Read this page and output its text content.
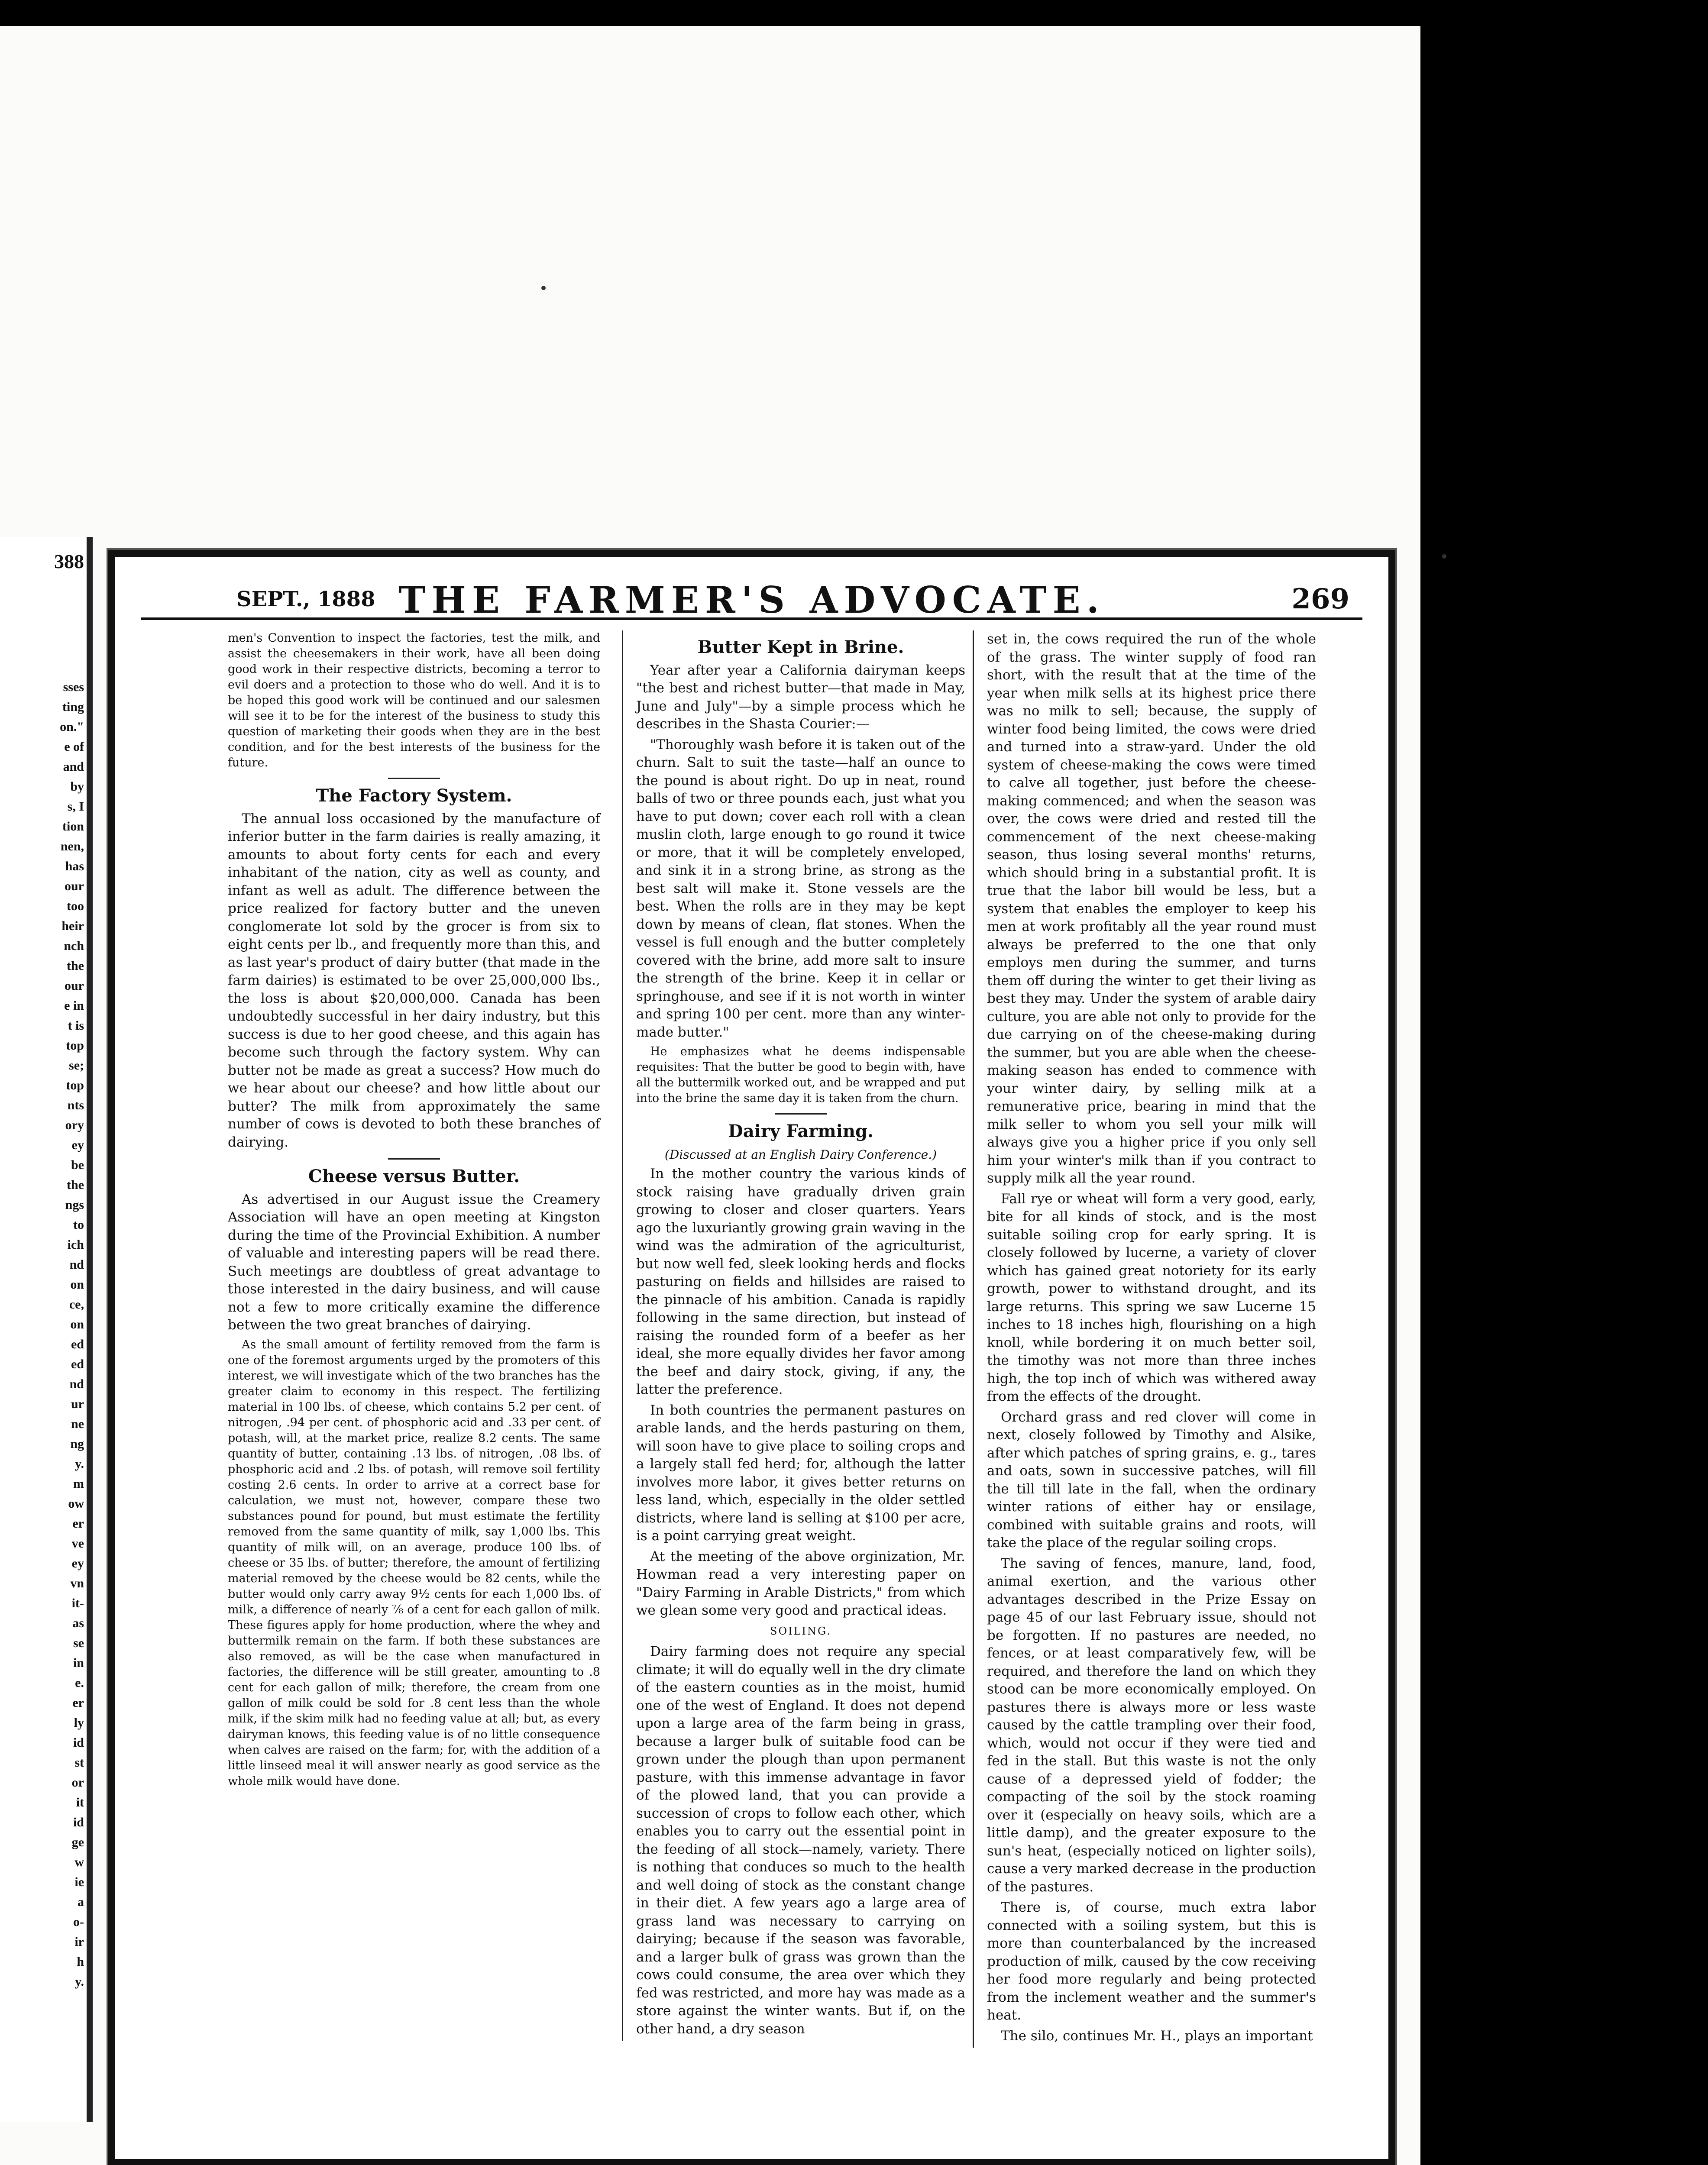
388
sses
ting
on."
e of
and
by
s, I
tion
nen,
has
our
too
heir
nch
the
our
e in
t is
top
se;
top
nts
ory
ey
be
the
ngs
to
ich
nd
on
ce,
on
ed
ed
nd
ur
ne
ng
y.
m
ow
er
ve
ey
vn
it-
as
se
in
e.
er
ly
id
st
or
it
id
ge
w
ie
a
o-
ir
h
y.
SEPT., 1888 THE FARMER'S ADVOCATE.	269

men's Convention to inspect the factories, test the milk, and assist the cheesemakers in their work, have all been doing good work in their respective districts, becoming a terror to evil doers and a protection to those who do well. And it is to be hoped this good work will be continued and our salesmen will see it to be for the interest of the business to study this question of marketing their goods when they are in the best condition, and for the best interests of the business for the future.

The Factory System.

The annual loss occasioned by the manufacture of inferior butter in the farm dairies is really amazing, it amounts to about forty cents for each and every inhabitant of the nation, city as well as county, and infant as well as adult. The difference between the price realized for factory butter and the uneven conglomerate lot sold by the grocer is from six to eight cents per lb., and frequently more than this, and as last year's product of dairy butter (that made in the farm dairies) is estimated to be over 25,000,000 lbs., the loss is about $20,000,000. Canada has been undoubtedly successful in her dairy industry, but this success is due to her good cheese, and this again has become such through the factory system. Why can butter not be made as great a success? How much do we hear about our cheese? and how little about our butter? The milk from approximately the same number of cows is devoted to both these branches of dairying.

Cheese versus Butter.

As advertised in our August issue the Creamery Association will have an open meeting at Kingston during the time of the Provincial Exhibition. A number of valuable and interesting papers will be read there. Such meetings are doubtless of great advantage to those interested in the dairy business, and will cause not a few to more critically examine the difference between the two great branches of dairying.

As the small amount of fertility removed from the farm is one of the foremost arguments urged by the promoters of this interest, we will investigate which of the two branches has the greater claim to economy in this respect. The fertilizing material in 100 lbs. of cheese, which contains 5.2 per cent. of nitrogen, .94 per cent. of phosphoric acid and .33 per cent. of potash, will, at the market price, realize 8.2 cents. The same quantity of butter, containing .13 lbs. of nitrogen, .08 lbs. of phosphoric acid and .2 lbs. of potash, will remove soil fertility costing 2.6 cents. In order to arrive at a correct base for calculation, we must not, however, compare these two substances pound for pound, but must estimate the fertility removed from the same quantity of milk, say 1,000 lbs. This quantity of milk will, on an average, produce 100 lbs. of cheese or 35 lbs. of butter; therefore, the amount of fertilizing material removed by the cheese would be 82 cents, while the butter would only carry away 9½ cents for each 1,000 lbs. of milk, a difference of nearly ⅞ of a cent for each gallon of milk. These figures apply for home production, where the whey and buttermilk remain on the farm. If both these substances are also removed, as will be the case when manufactured in factories, the difference will be still greater, amounting to .8 cent for each gallon of milk; therefore, the cream from one gallon of milk could be sold for .8 cent less than the whole milk, if the skim milk had no feeding value at all; but, as every dairyman knows, this feeding value is of no little consequence when calves are raised on the farm; for, with the addition of a little linseed meal it will answer nearly as good service as the whole milk would have done.

Butter Kept in Brine.

Year after year a California dairyman keeps "the best and richest butter—that made in May, June and July"—by a simple process which he describes in the Shasta Courier:—

"Thoroughly wash before it is taken out of the churn. Salt to suit the taste—half an ounce to the pound is about right. Do up in neat, round balls of two or three pounds each, just what you have to put down; cover each roll with a clean muslin cloth, large enough to go round it twice or more, that it will be completely enveloped, and sink it in a strong brine, as strong as the best salt will make it. Stone vessels are the best. When the rolls are in they may be kept down by means of clean, flat stones. When the vessel is full enough and the butter completely covered with the brine, add more salt to insure the strength of the brine. Keep it in cellar or springhouse, and see if it is not worth in winter and spring 100 per cent. more than any winter-made butter."

He emphasizes what he deems indispensable requisites: That the butter be good to begin with, have all the buttermilk worked out, and be wrapped and put into the brine the same day it is taken from the churn.

Dairy Farming.

(Discussed at an English Dairy Conference.)

In the mother country the various kinds of stock raising have gradually driven grain growing to closer and closer quarters. Years ago the luxuriantly growing grain waving in the wind was the admiration of the agriculturist, but now well fed, sleek looking herds and flocks pasturing on fields and hillsides are raised to the pinnacle of his ambition. Canada is rapidly following in the same direction, but instead of raising the rounded form of a beefer as her ideal, she more equally divides her favor among the beef and dairy stock, giving, if any, the latter the preference.

In both countries the permanent pastures on arable lands, and the herds pasturing on them, will soon have to give place to soiling crops and a largely stall fed herd; for, although the latter involves more labor, it gives better returns on less land, which, especially in the older settled districts, where land is selling at $100 per acre, is a point carrying great weight.

At the meeting of the above orginization, Mr. Howman read a very interesting paper on "Dairy Farming in Arable Districts," from which we glean some very good and practical ideas.

SOILING.

Dairy farming does not require any special climate; it will do equally well in the dry climate of the eastern counties as in the moist, humid one of the west of England. It does not depend upon a large area of the farm being in grass, because a larger bulk of suitable food can be grown under the plough than upon permanent pasture, with this immense advantage in favor of the plowed land, that you can provide a succession of crops to follow each other, which enables you to carry out the essential point in the feeding of all stock—namely, variety. There is nothing that conduces so much to the health and well doing of stock as the constant change in their diet. A few years ago a large area of grass land was necessary to carrying on dairying; because if the season was favorable, and a larger bulk of grass was grown than the cows could consume, the area over which they fed was restricted, and more hay was made as a store against the winter wants. But if, on the other hand, a dry season

set in, the cows required the run of the whole of the grass. The winter supply of food ran short, with the result that at the time of the year when milk sells at its highest price there was no milk to sell; because, the supply of winter food being limited, the cows were dried and turned into a straw-yard. Under the old system of cheese-making the cows were timed to calve all together, just before the cheese-making commenced; and when the season was over, the cows were dried and rested till the commencement of the next cheese-making season, thus losing several months' returns, which should bring in a substantial profit. It is true that the labor bill would be less, but a system that enables the employer to keep his men at work profitably all the year round must always be preferred to the one that only employs men during the summer, and turns them off during the winter to get their living as best they may. Under the system of arable dairy culture, you are able not only to provide for the due carrying on of the cheese-making during the summer, but you are able when the cheese-making season has ended to commence with your winter dairy, by selling milk at a remunerative price, bearing in mind that the milk seller to whom you sell your milk will always give you a higher price if you only sell him your winter's milk than if you contract to supply milk all the year round.

Fall rye or wheat will form a very good, early, bite for all kinds of stock, and is the most suitable soiling crop for early spring. It is closely followed by lucerne, a variety of clover which has gained great notoriety for its early growth, power to withstand drought, and its large returns. This spring we saw Lucerne 15 inches to 18 inches high, flourishing on a high knoll, while bordering it on much better soil, the timothy was not more than three inches high, the top inch of which was withered away from the effects of the drought.

Orchard grass and red clover will come in next, closely followed by Timothy and Alsike, after which patches of spring grains, e. g., tares and oats, sown in successive patches, will fill the till till late in the fall, when the ordinary winter rations of either hay or ensilage, combined with suitable grains and roots, will take the place of the regular soiling crops.

The saving of fences, manure, land, food, animal exertion, and the various other advantages described in the Prize Essay on page 45 of our last February issue, should not be forgotten. If no pastures are needed, no fences, or at least comparatively few, will be required, and therefore the land on which they stood can be more economically employed. On pastures there is always more or less waste caused by the cattle trampling over their food, which, would not occur if they were tied and fed in the stall. But this waste is not the only cause of a depressed yield of fodder; the compacting of the soil by the stock roaming over it (especially on heavy soils, which are a little damp), and the greater exposure to the sun's heat, (especially noticed on lighter soils), cause a very marked decrease in the production of the pastures.

There is, of course, much extra labor connected with a soiling system, but this is more than counterbalanced by the increased production of milk, caused by the cow receiving her food more regularly and being protected from the inclement weather and the summer's heat.

The silo, continues Mr. H., plays an important
